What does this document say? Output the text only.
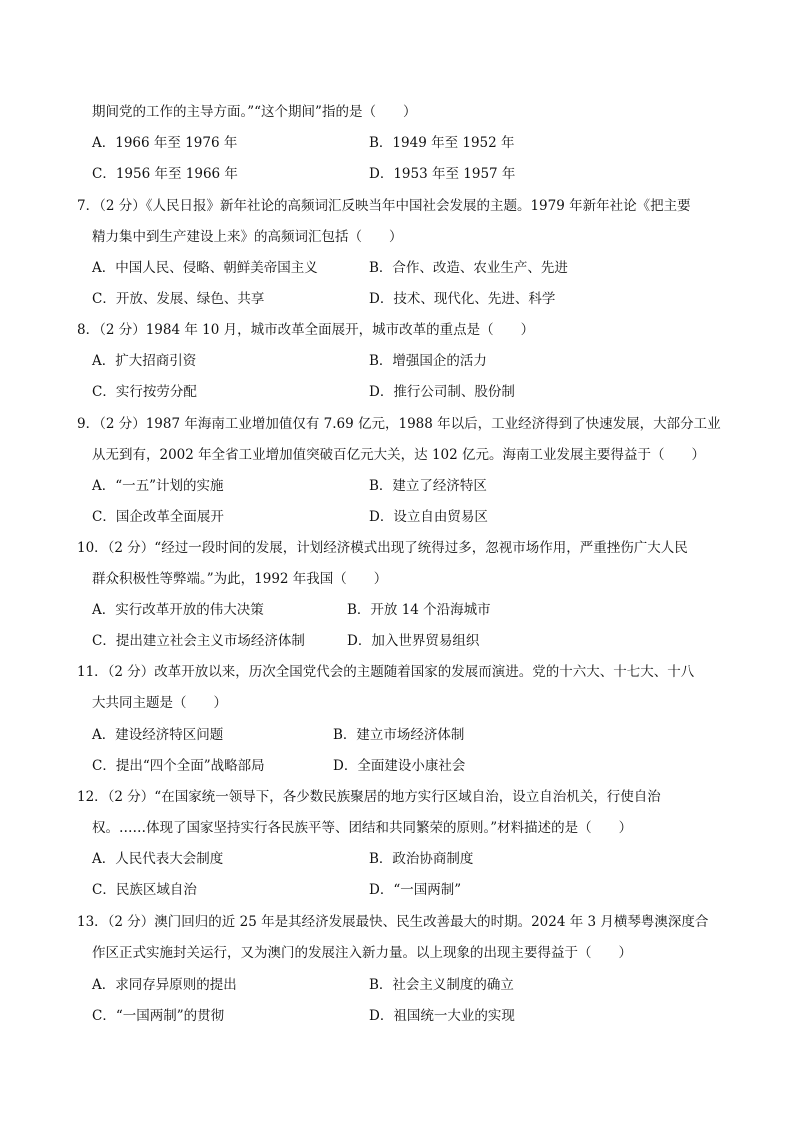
期间党的工作的主导方面。”“这个期间”指的是（　　）
A．1966 年至 1976 年	B．1949 年至 1952 年
C．1956 年至 1966 年	D．1953 年至 1957 年
7．（2 分）《人民日报》新年社论的高频词汇反映当年中国社会发展的主题。1979 年新年社论《把主要
精力集中到生产建设上来》的高频词汇包括（　　）
A．中国人民、侵略、朝鲜美帝国主义	B．合作、改造、农业生产、先进
C．开放、发展、绿色、共享	D．技术、现代化、先进、科学
8．（2 分）1984 年 10 月，城市改革全面展开，城市改革的重点是（　　）
A．扩大招商引资	B．增强国企的活力
C．实行按劳分配	D．推行公司制、股份制
9．（2 分）1987 年海南工业增加值仅有 7.69 亿元，1988 年以后，工业经济得到了快速发展，大部分工业
从无到有，2002 年全省工业增加值突破百亿元大关，达 102 亿元。海南工业发展主要得益于（　　）
A．“一五”计划的实施	B．建立了经济特区
C．国企改革全面展开	D．设立自由贸易区
10．（2 分）“经过一段时间的发展，计划经济模式出现了统得过多，忽视市场作用，严重挫伤广大人民
群众积极性等弊端。”为此，1992 年我国（　　）
A．实行改革开放的伟大决策	B．开放 14 个沿海城市
C．提出建立社会主义市场经济体制	D．加入世界贸易组织
11．（2 分）改革开放以来，历次全国党代会的主题随着国家的发展而演进。党的十六大、十七大、十八
大共同主题是（　　）
A．建设经济特区问题	B．建立市场经济体制
C．提出“四个全面”战略部局	D．全面建设小康社会
12．（2 分）“在国家统一领导下，各少数民族聚居的地方实行区域自治，设立自治机关，行使自治
权。……体现了国家坚持实行各民族平等、团结和共同繁荣的原则。”材料描述的是（　　）
A．人民代表大会制度	B．政治协商制度
C．民族区域自治	D．“一国两制”
13．（2 分）澳门回归的近 25 年是其经济发展最快、民生改善最大的时期。2024 年 3 月横琴粤澳深度合
作区正式实施封关运行，又为澳门的发展注入新力量。以上现象的出现主要得益于（　　）
A．求同存异原则的提出	B．社会主义制度的确立
C．“一国两制”的贯彻	D．祖国统一大业的实现
